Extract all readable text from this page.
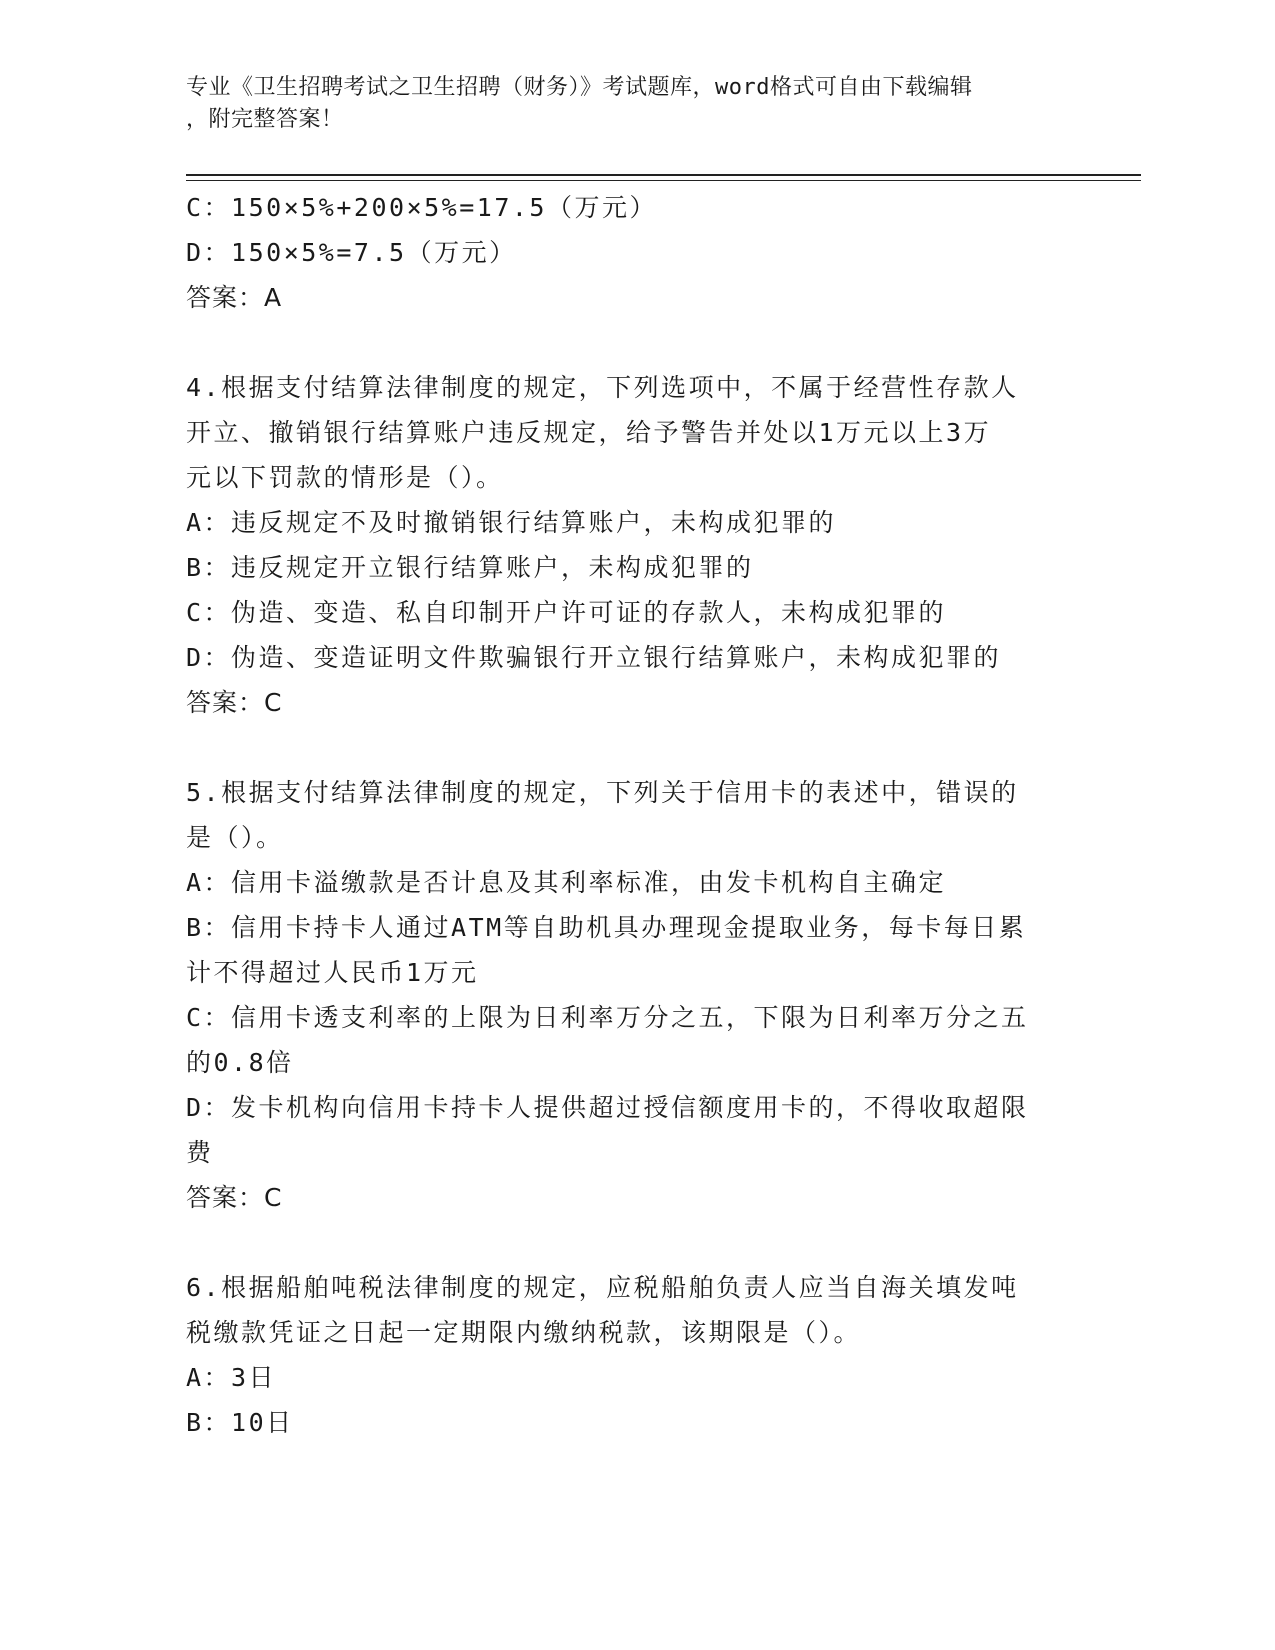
专业《卫生招聘考试之卫生招聘（财务）》考试题库，word格式可自由下载编辑
，附完整答案！
C：150×5%+200×5%=17.5（万元）
D：150×5%=7.5（万元）
答案：A
4.根据支付结算法律制度的规定，下列选项中，不属于经营性存款人
开立、撤销银行结算账户违反规定，给予警告并处以1万元以上3万
元以下罚款的情形是（）。
A：违反规定不及时撤销银行结算账户，未构成犯罪的
B：违反规定开立银行结算账户，未构成犯罪的
C：伪造、变造、私自印制开户许可证的存款人，未构成犯罪的
D：伪造、变造证明文件欺骗银行开立银行结算账户，未构成犯罪的
答案：C
5.根据支付结算法律制度的规定，下列关于信用卡的表述中，错误的
是（）。
A：信用卡溢缴款是否计息及其利率标准，由发卡机构自主确定
B：信用卡持卡人通过ATM等自助机具办理现金提取业务，每卡每日累
计不得超过人民币1万元
C：信用卡透支利率的上限为日利率万分之五，下限为日利率万分之五
的0.8倍
D：发卡机构向信用卡持卡人提供超过授信额度用卡的，不得收取超限
费
答案：C
6.根据船舶吨税法律制度的规定，应税船舶负责人应当自海关填发吨
税缴款凭证之日起一定期限内缴纳税款，该期限是（）。
A：3日
B：10日
